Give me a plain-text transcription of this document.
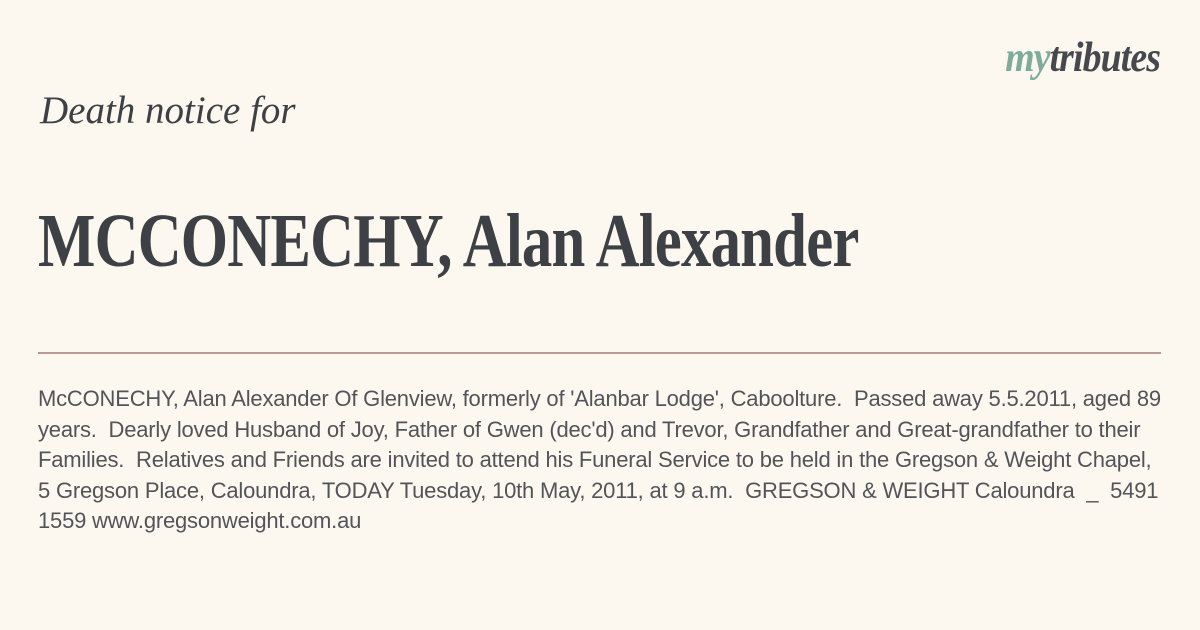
mytributes
Death notice for
MCCONECHY, Alan Alexander

McCONECHY, Alan Alexander Of Glenview, formerly of 'Alanbar Lodge', Caboolture.  Passed away 5.5.2011, aged 89 years.  Dearly loved Husband of Joy, Father of Gwen (dec'd) and Trevor, Grandfather and Great-grandfather to their Families.  Relatives and Friends are invited to attend his Funeral Service to be held in the Gregson & Weight Chapel, 5 Gregson Place, Caloundra, TODAY Tuesday, 10th May, 2011, at 9 a.m.  GREGSON & WEIGHT Caloundra  _  5491 1559 www.gregsonweight.com.au
